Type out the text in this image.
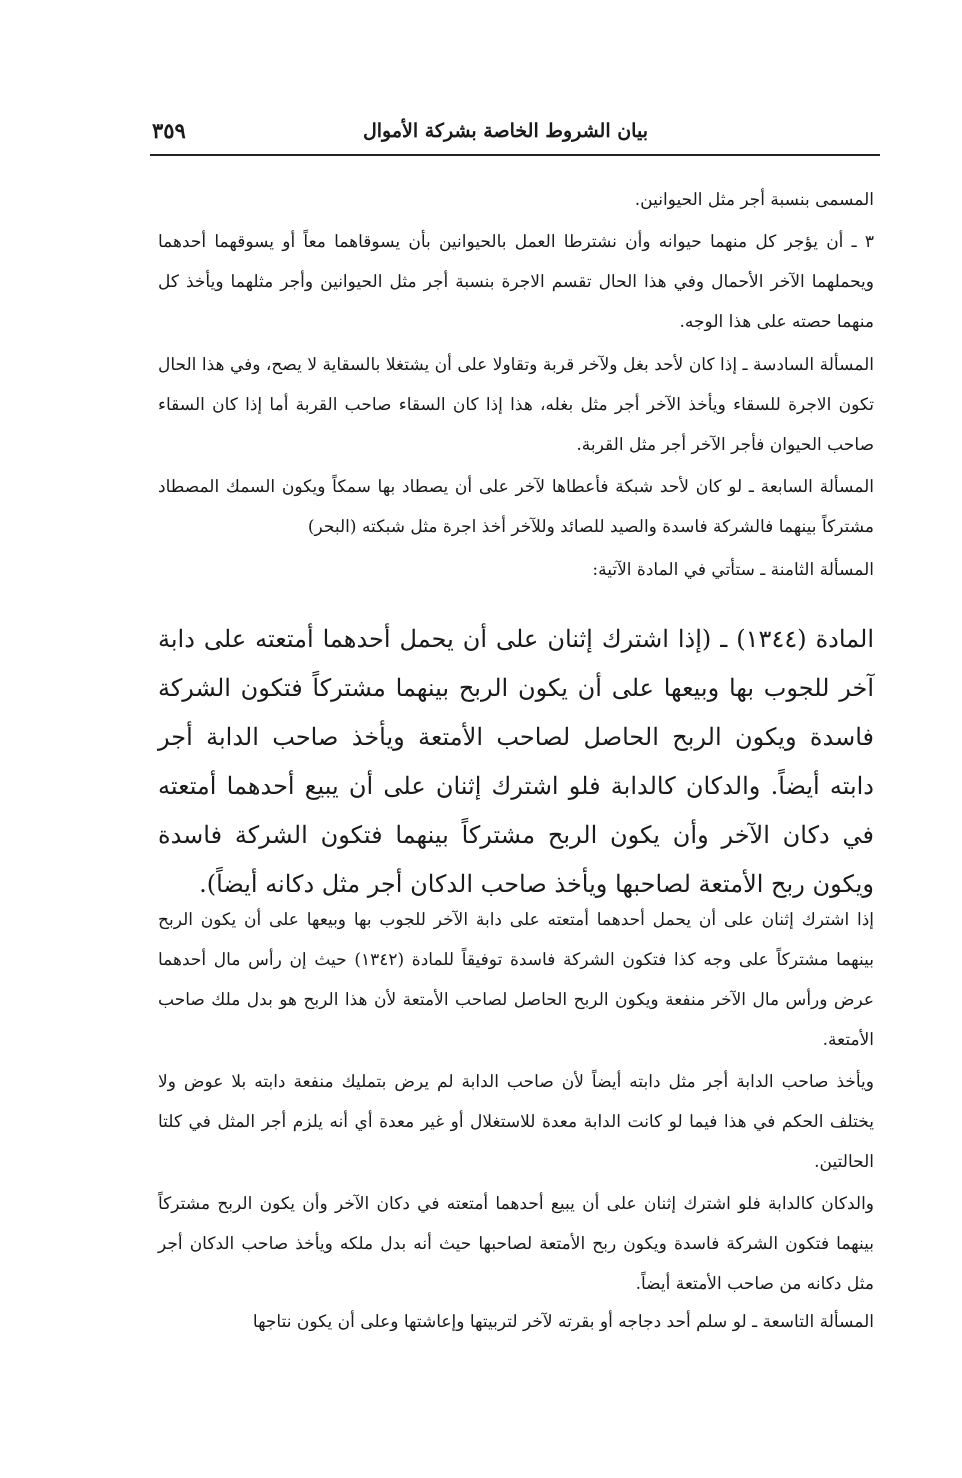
بيان الشروط الخاصة بشركة الأموال
٣٥٩

المسمى بنسبة أجر مثل الحيوانين.

٣ ـ أن يؤجر كل منهما حيوانه وأن نشترطا العمل بالحيوانين بأن يسوقاهما معاً أو يسوقهما أحدهما ويحملهما الآخر الأحمال وفي هذا الحال تقسم الاجرة بنسبة أجر مثل الحيوانين وأجر مثلهما ويأخذ كل منهما حصته على هذا الوجه.

المسألة السادسة ـ إذا كان لأحد بغل ولآخر قربة وتقاولا على أن يشتغلا بالسقاية لا يصح، وفي هذا الحال تكون الاجرة للسقاء ويأخذ الآخر أجر مثل بغله، هذا إذا كان السقاء صاحب القربة أما إذا كان السقاء صاحب الحيوان فأجر الآخر أجر مثل القربة.

المسألة السابعة ـ لو كان لأحد شبكة فأعطاها لآخر على أن يصطاد بها سمكاً ويكون السمك المصطاد مشتركاً بينهما فالشركة فاسدة والصيد للصائد وللآخر أخذ اجرة مثل شبكته (البحر)

المسألة الثامنة ـ ستأتي في المادة الآتية:

المادة (١٣٤٤) ـ (إذا اشترك إثنان على أن يحمل أحدهما أمتعته على دابة آخر للجوب بها وبيعها على أن يكون الربح بينهما مشتركاً فتكون الشركة فاسدة ويكون الربح الحاصل لصاحب الأمتعة ويأخذ صاحب الدابة أجر دابته أيضاً. والدكان كالدابة فلو اشترك إثنان على أن يبيع أحدهما أمتعته في دكان الآخر وأن يكون الربح مشتركاً بينهما فتكون الشركة فاسدة ويكون ربح الأمتعة لصاحبها ويأخذ صاحب الدكان أجر مثل دكانه أيضاً).

إذا اشترك إثنان على أن يحمل أحدهما أمتعته على دابة الآخر للجوب بها وبيعها على أن يكون الربح بينهما مشتركاً على وجه كذا فتكون الشركة فاسدة توفيقاً للمادة (١٣٤٢) حيث إن رأس مال أحدهما عرض ورأس مال الآخر منفعة ويكون الربح الحاصل لصاحب الأمتعة لأن هذا الربح هو بدل ملك صاحب الأمتعة.

ويأخذ صاحب الدابة أجر مثل دابته أيضاً لأن صاحب الدابة لم يرض بتمليك منفعة دابته بلا عوض ولا يختلف الحكم في هذا فيما لو كانت الدابة معدة للاستغلال أو غير معدة أي أنه يلزم أجر المثل في كلتا الحالتين.

والدكان كالدابة فلو اشترك إثنان على أن يبيع أحدهما أمتعته في دكان الآخر وأن يكون الربح مشتركاً بينهما فتكون الشركة فاسدة ويكون ربح الأمتعة لصاحبها حيث أنه بدل ملكه ويأخذ صاحب الدكان أجر مثل دكانه من صاحب الأمتعة أيضاً.

المسألة التاسعة ـ لو سلم أحد دجاجه أو بقرته لآخر لتربيتها وإعاشتها وعلى أن يكون نتاجها
